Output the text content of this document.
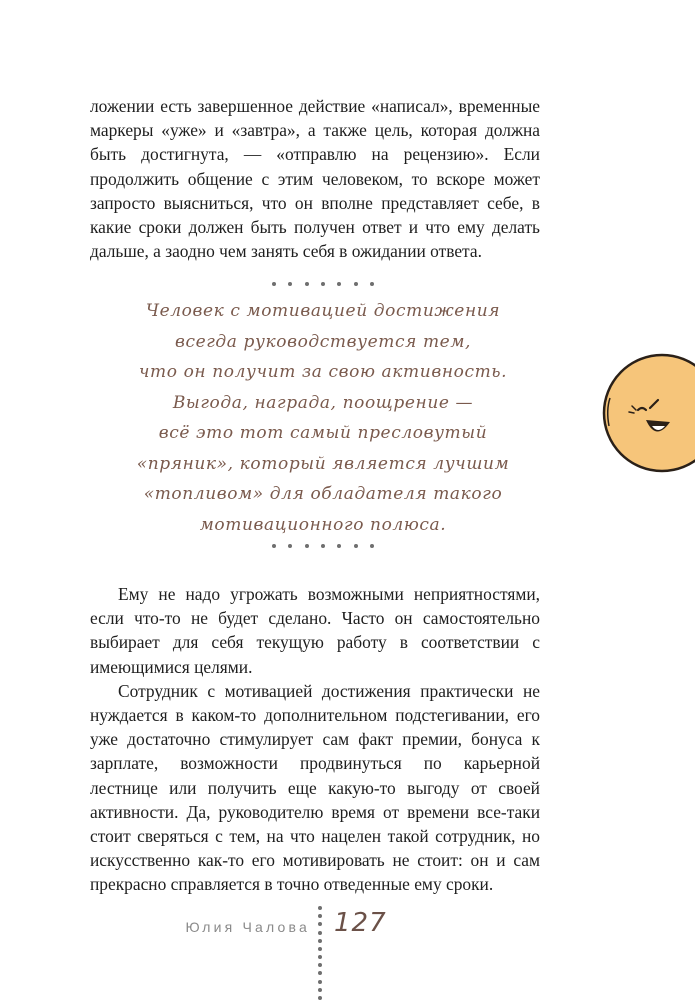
ложении есть завершенное действие «написал», временные маркеры «уже» и «завтра», а также цель, которая должна быть достигнута, — «отправлю на рецензию». Если продолжить общение с этим человеком, то вскоре может запросто выясниться, что он вполне представляет себе, в какие сроки должен быть получен ответ и что ему делать дальше, а заодно чем занять себя в ожидании ответа.

Человек с мотивацией достижения
всегда руководствуется тем,
что он получит за свою активность.
Выгода, награда, поощрение —
всё это тот самый пресловутый
«пряник», который является лучшим
«топливом» для обладателя такого
мотивационного полюса.

Ему не надо угрожать возможными неприятностями, если что-то не будет сделано. Часто он самостоятельно выбирает для себя текущую работу в соответствии с имеющимися целями.

Сотрудник с мотивацией достижения практически не нуждается в каком-то дополнительном подстегивании, его уже достаточно стимулирует сам факт премии, бонуса к зарплате, возможности продвинуться по карьерной лестнице или получить еще какую-то выгоду от своей активности. Да, руководителю время от времени все-таки стоит сверяться с тем, на что нацелен такой сотрудник, но искусственно как-то его мотивировать не стоит: он и сам прекрасно справляется в точно отведенные ему сроки.

Юлия Чалова 127
